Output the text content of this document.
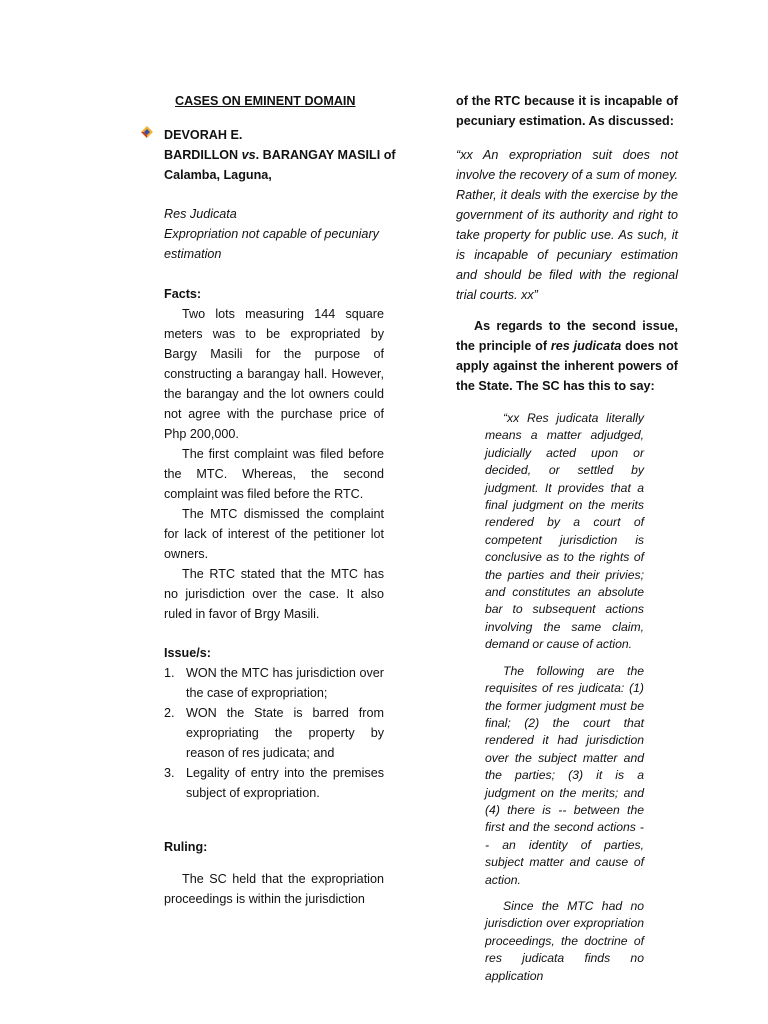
CASES ON EMINENT DOMAIN

DEVORAH E.

BARDILLON vs. BARANGAY MASILI of

Calamba, Laguna,

Res Judicata

Expropriation not capable of pecuniary estimation

Facts:

Two lots measuring 144 square meters was to be expropriated by Bargy Masili for the purpose of constructing a barangay hall. However, the barangay and the lot owners could not agree with the purchase price of Php 200,000.

The first complaint was filed before the MTC. Whereas, the second complaint was filed before the RTC.

The MTC dismissed the complaint for lack of interest of the petitioner lot owners.

The RTC stated that the MTC has no jurisdiction over the case. It also ruled in favor of Brgy Masili.

Issue/s:

1. WON the MTC has jurisdiction over the case of expropriation;
2. WON the State is barred from expropriating the property by reason of res judicata; and
3. Legality of entry into the premises subject of expropriation.

Ruling:

The SC held that the expropriation proceedings is within the jurisdiction

of the RTC because it is incapable of pecuniary estimation. As discussed:

“xx An expropriation suit does not involve the recovery of a sum of money. Rather, it deals with the exercise by the government of its authority and right to take property for public use. As such, it is incapable of pecuniary estimation and should be filed with the regional trial courts. xx”

As regards to the second issue, the principle of res judicata does not apply against the inherent powers of the State. The SC has this to say:

“xx Res judicata literally means a matter adjudged, judicially acted upon or decided, or settled by judgment. It provides that a final judgment on the merits rendered by a court of competent jurisdiction is conclusive as to the rights of the parties and their privies; and constitutes an absolute bar to subsequent actions involving the same claim, demand or cause of action.

The following are the requisites of res judicata: (1) the former judgment must be final; (2) the court that rendered it had jurisdiction over the subject matter and the parties; (3) it is a judgment on the merits; and (4) there is -- between the first and the second actions -- an identity of parties, subject matter and cause of action.

Since the MTC had no jurisdiction over expropriation proceedings, the doctrine of res judicata finds no application
